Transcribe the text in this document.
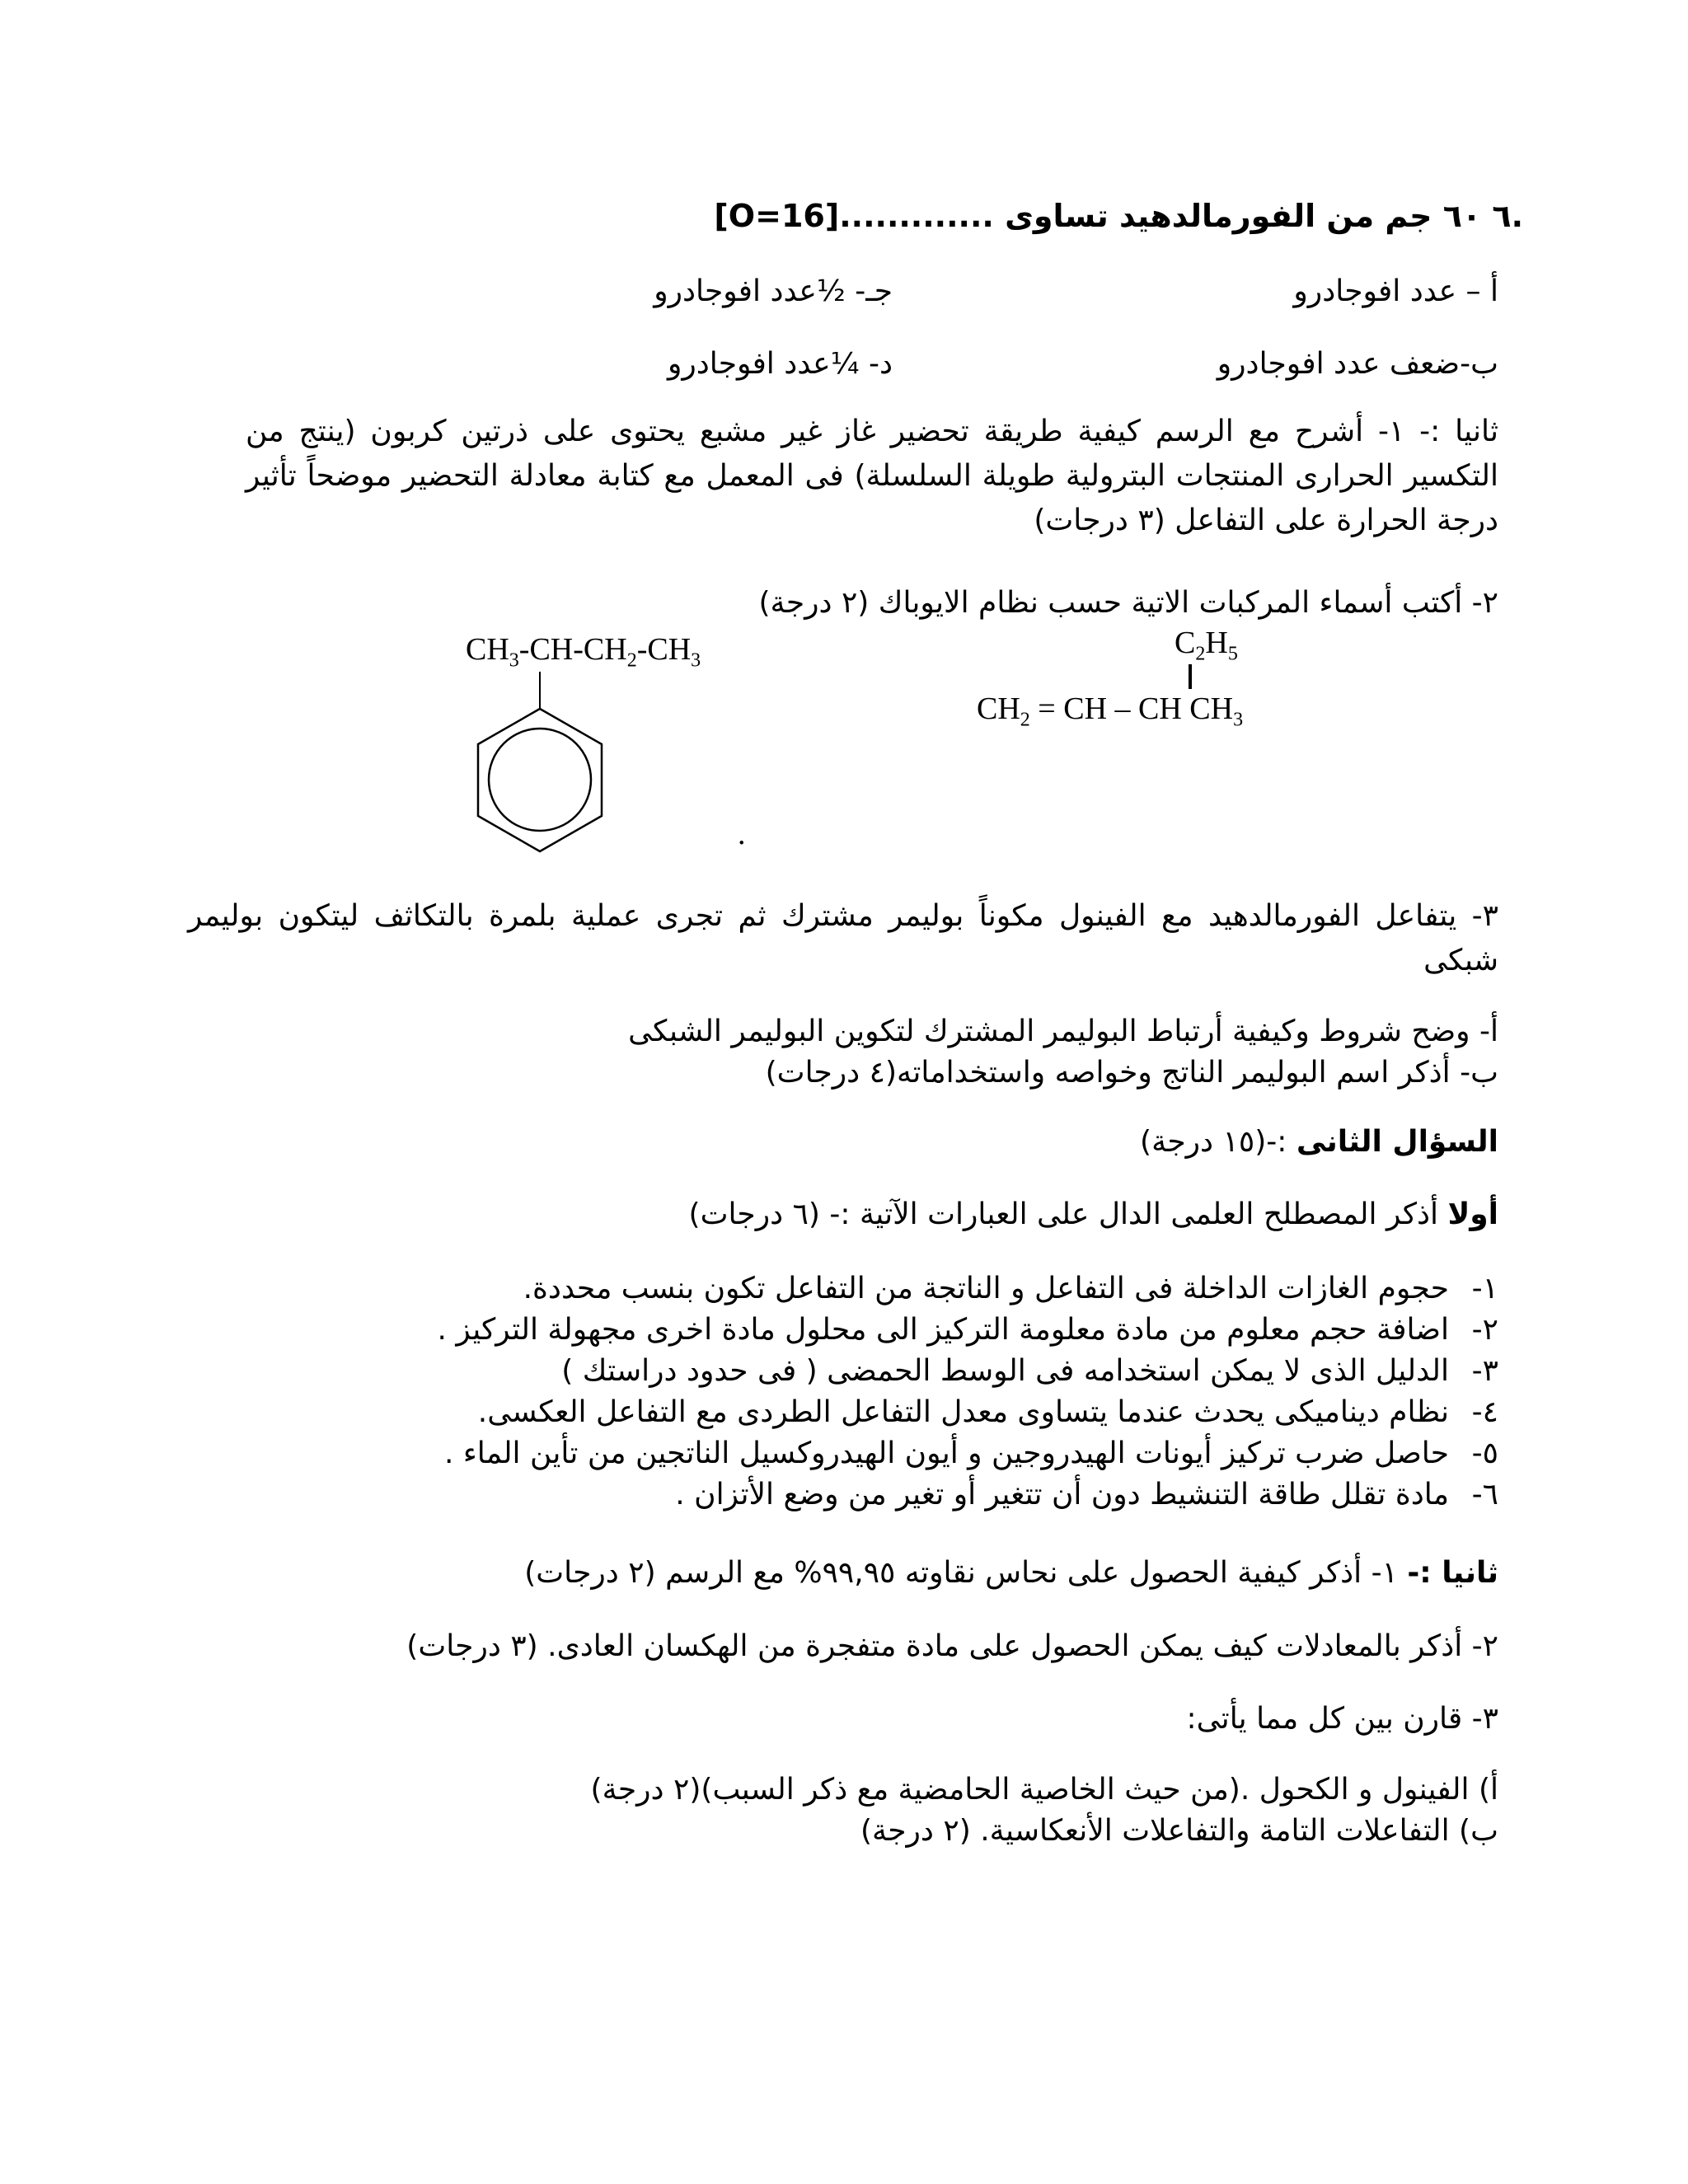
.٦ ٦٠ جم من الفورمالدهيد تساوى .............[O=16]
أ – عدد افوجادرو
جـ- ½عدد افوجادرو
ب-ضعف عدد افوجادرو
د- ¼عدد افوجادرو
ثانيا :- ١- أشرح مع الرسم كيفية طريقة تحضير غاز غير مشبع يحتوى على ذرتين كربون (ينتج من التكسير الحرارى المنتجات البترولية طويلة السلسلة) فى المعمل مع كتابة معادلة التحضير موضحاً تأثير درجة الحرارة على التفاعل (٣ درجات)
٢- أكتب أسماء المركبات الاتية حسب نظام الايوباك (٢ درجة)
$CH_3-CH-CH_2-CH_3$
.
$C_2H_5$
$CH_2$ = CH – CH $CH_3$
٣- يتفاعل الفورمالدهيد مع الفينول مكوناً بوليمر مشترك ثم تجرى عملية بلمرة بالتكاثف ليتكون بوليمر شبكى
أ- وضح شروط وكيفية أرتباط البوليمر المشترك لتكوين البوليمر الشبكى
ب- أذكر اسم البوليمر الناتج وخواصه واستخداماته(٤ درجات)
السؤال الثانى :-(١٥ درجة)
أولا أذكر المصطلح العلمى الدال على العبارات الآتية :- (٦ درجات)
١-حجوم الغازات الداخلة فى التفاعل و الناتجة من التفاعل تكون بنسب محددة.
٢-اضافة حجم معلوم من مادة معلومة التركيز الى محلول مادة اخرى مجهولة التركيز .
٣-الدليل الذى لا يمكن استخدامه فى الوسط الحمضى ( فى حدود دراستك )
٤-نظام ديناميكى يحدث عندما يتساوى معدل التفاعل الطردى مع التفاعل العكسى.
٥-حاصل ضرب تركيز أيونات الهيدروجين و أيون الهيدروكسيل الناتجين من تأين الماء .
٦-مادة تقلل طاقة التنشيط دون أن تتغير أو تغير من وضع الأتزان .
ثانيا :- ١- أذكر كيفية الحصول على نحاس نقاوته ٩٩,٩٥% مع الرسم (٢ درجات)
٢- أذكر بالمعادلات كيف يمكن الحصول على مادة متفجرة من الهكسان العادى. (٣ درجات)
٣- قارن بين كل مما يأتى:
أ) الفينول و الكحول .(من حيث الخاصية الحامضية مع ذكر السبب)(٢ درجة)
ب) التفاعلات التامة والتفاعلات الأنعكاسية. (٢ درجة)
